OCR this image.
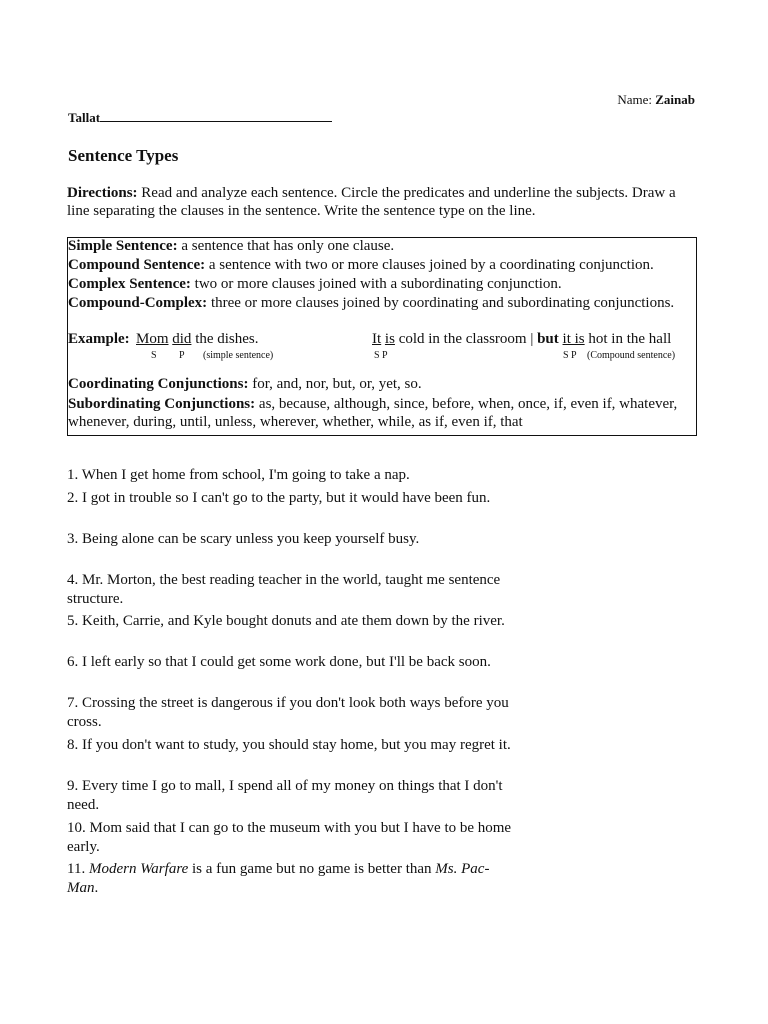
Name: Zainab
Tallat
Sentence Types
Directions: Read and analyze each sentence. Circle the predicates and underline the subjects. Draw a line separating the clauses in the sentence. Write the sentence type on the line.
Simple Sentence: a sentence that has only one clause.
Compound Sentence: a sentence with two or more clauses joined by a coordinating conjunction.
Complex Sentence: two or more clauses joined with a subordinating conjunction.
Compound-Complex: three or more clauses joined by coordinating and subordinating conjunctions.
Example: Mom did the dishes.	It is cold in the classroom | but it is hot in the hall
S P (simple sentence)	S P	S P (Compound sentence)
Coordinating Conjunctions: for, and, nor, but, or, yet, so.
Subordinating Conjunctions: as, because, although, since, before, when, once, if, even if, whatever, whenever, during, until, unless, wherever, whether, while, as if, even if, that
1. When I get home from school, I'm going to take a nap.
2. I got in trouble so I can't go to the party, but it would have been fun.
3. Being alone can be scary unless you keep yourself busy.
4. Mr. Morton, the best reading teacher in the world, taught me sentence structure.
5. Keith, Carrie, and Kyle bought donuts and ate them down by the river.
6. I left early so that I could get some work done, but I'll be back soon.
7. Crossing the street is dangerous if you don't look both ways before you cross.
8. If you don't want to study, you should stay home, but you may regret it.
9. Every time I go to mall, I spend all of my money on things that I don't need.
10. Mom said that I can go to the museum with you but I have to be home early.
11. Modern Warfare is a fun game but no game is better than Ms. Pac-Man.
